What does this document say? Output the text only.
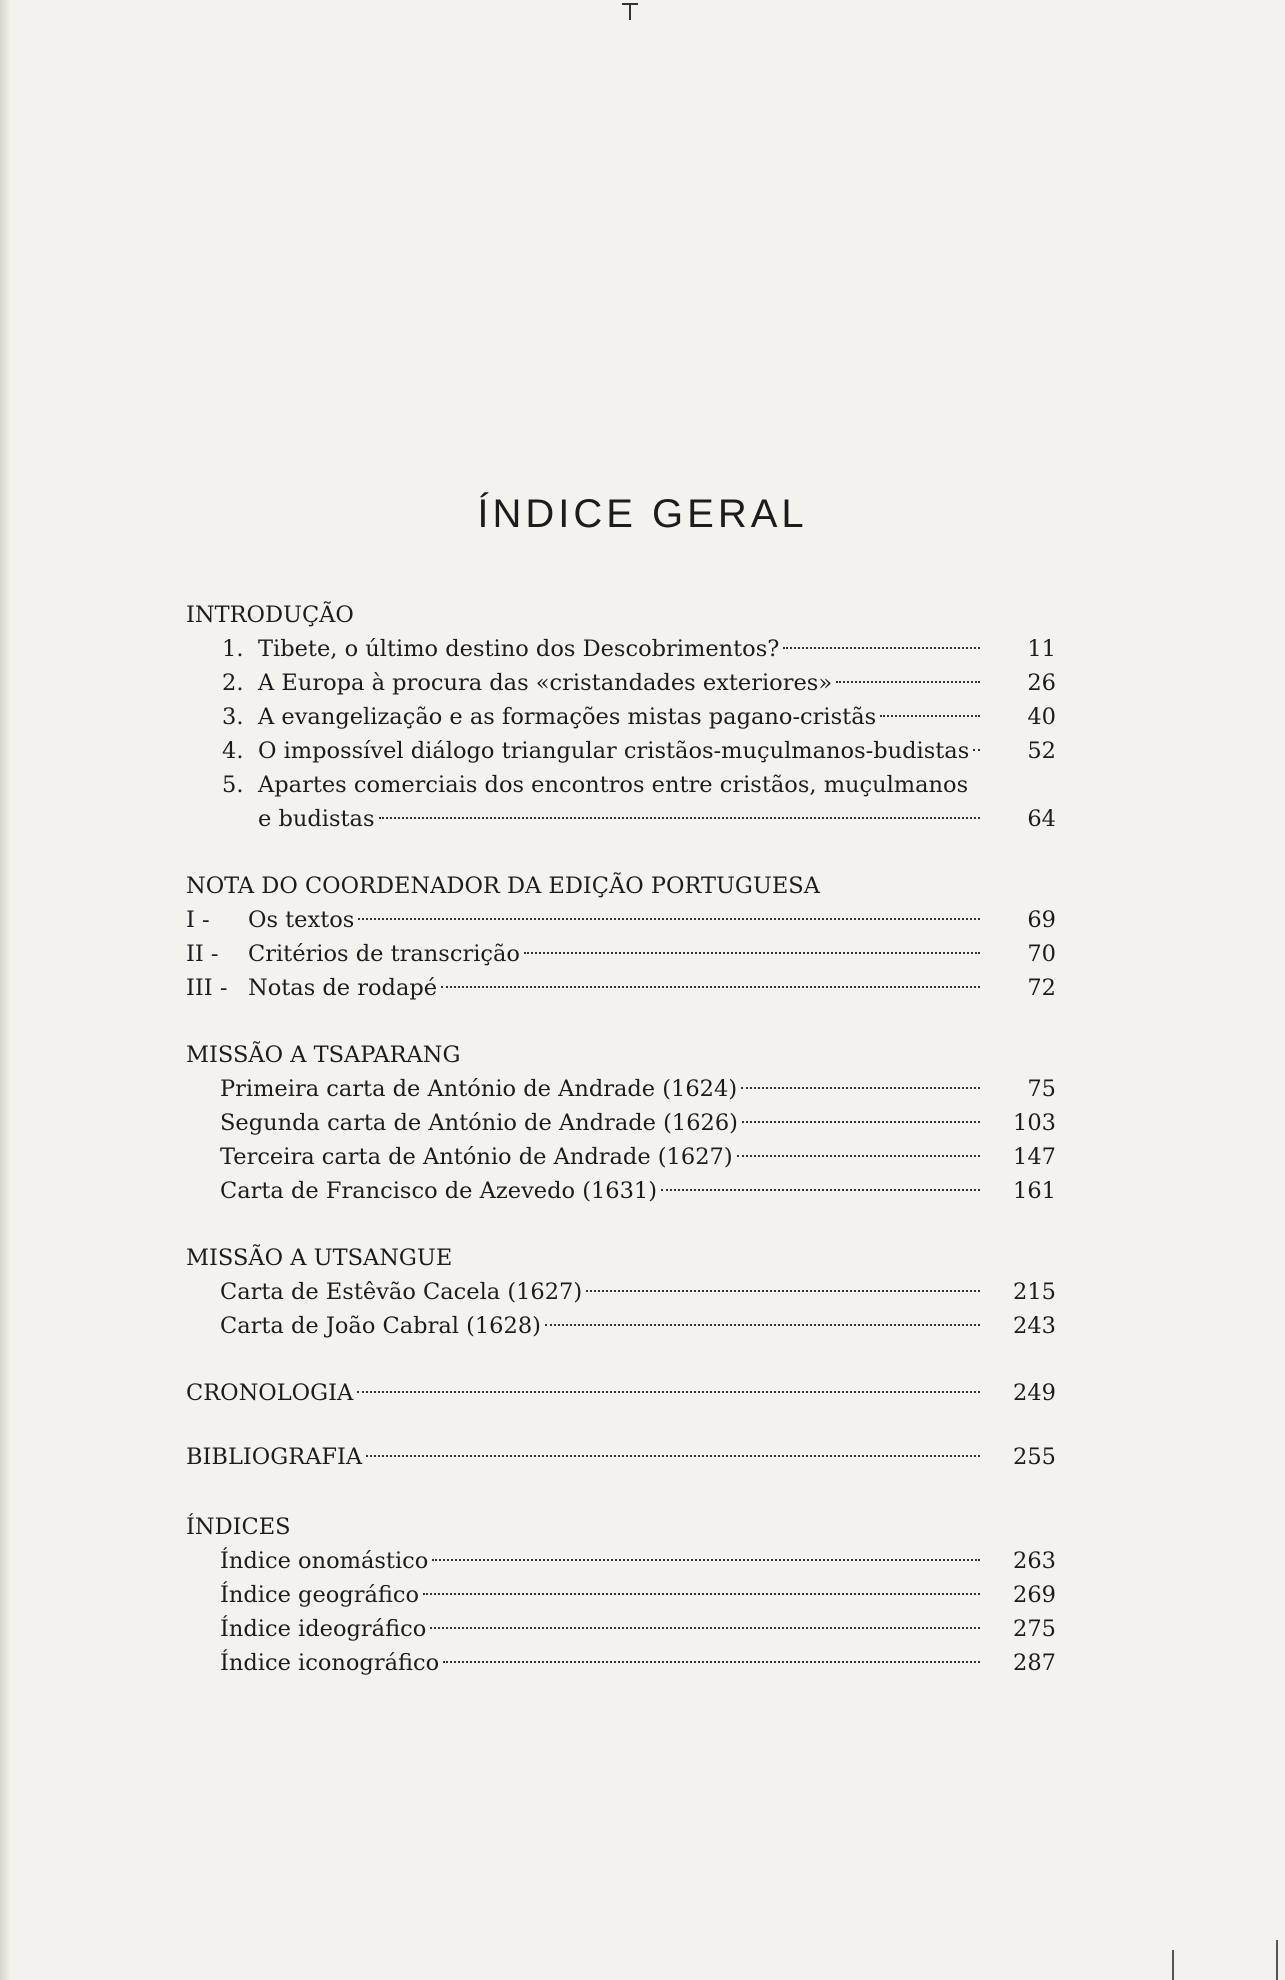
ÍNDICE GERAL
INTRODUÇÃO
1. Tibete, o último destino dos Descobrimentos?	11
2. A Europa à procura das «cristandades exteriores»	26
3. A evangelização e as formações mistas pagano-cristãs	40
4. O impossível diálogo triangular cristãos-muçulmanos-budistas	52
5. Apartes comerciais dos encontros entre cristãos, muçulmanos
e budistas	64
NOTA DO COORDENADOR DA EDIÇÃO PORTUGUESA
I -	Os textos	69
II -	Critérios de transcrição	70
III - Notas de rodapé	72
MISSÃO A TSAPARANG
Primeira carta de António de Andrade (1624)	75
Segunda carta de António de Andrade (1626)	103
Terceira carta de António de Andrade (1627)	147
Carta de Francisco de Azevedo (1631)	161
MISSÃO A UTSANGUE
Carta de Estêvão Cacela (1627)	215
Carta de João Cabral (1628)	243
CRONOLOGIA	249
BIBLIOGRAFIA	255
ÍNDICES
Índice onomástico	263
Índice geográfico	269
Índice ideográfico	275
Índice iconográfico	287
